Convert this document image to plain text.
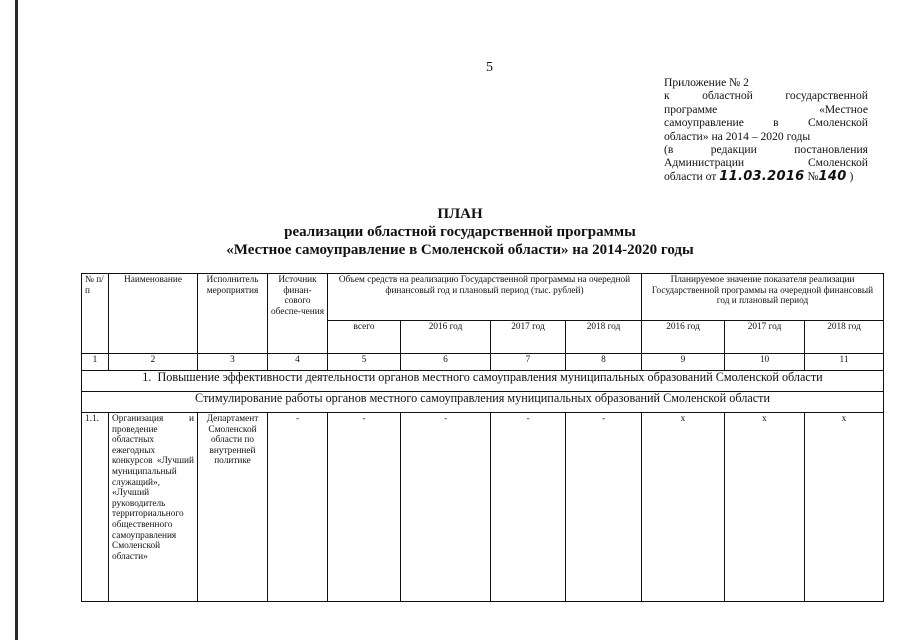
5
Приложение № 2
к областной государственной
программе «Местное
самоуправление в Смоленской
области» на 2014 – 2020 годы
(в редакции постановления
Администрации Смоленской
области от 11.03.2016 №140 )
ПЛАН
реализации областной государственной программы
«Местное самоуправление в Смоленской области» на 2014-2020 годы
№ п/п	Наименование	Исполнитель мероприятия	Источник финан-сового обеспе-чения	Объем средств на реализацию Государственной программы на очередной финансовый год и плановый период (тыс. рублей)				Планируемое значение показателя реализации Государственной программы на очередной финансовый год и плановый период		
				всего	2016 год	2017 год	2018 год	2016 год	2017 год	2018 год
1	2	3	4	5	6	7	8	9	10	11
1. Повышение эффективности деятельности органов местного самоуправления муниципальных образований Смоленской области										
Стимулирование работы органов местного самоуправления муниципальных образований Смоленской области										
1.1.	Организация и проведение областных ежегодных конкурсов «Лучший муниципальный служащий», «Лучший руководитель территориального общественного самоуправления Смоленской области»	Департамент Смоленской области по внутренней политике	-	-	-	-	-	x	x	x
